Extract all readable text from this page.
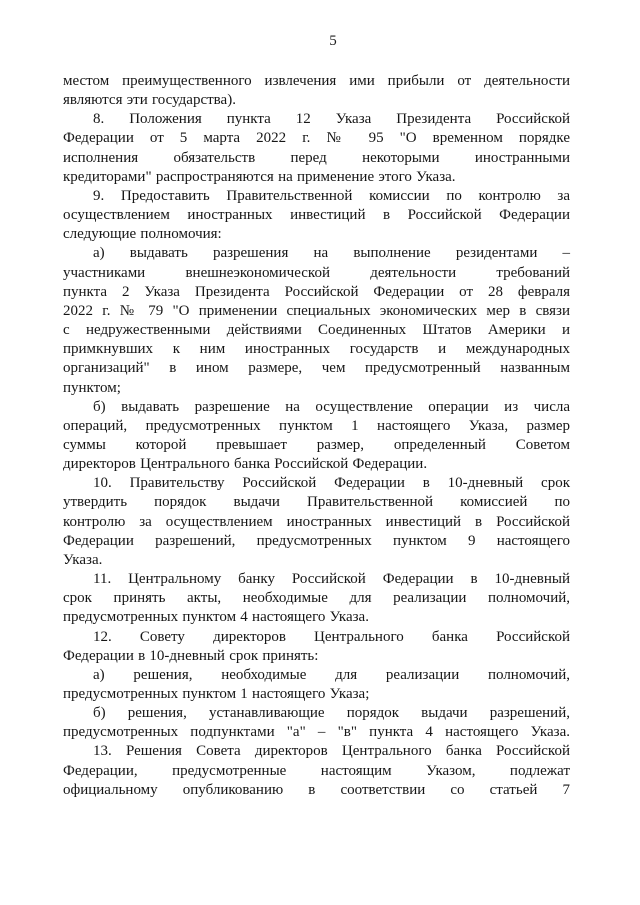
5
местом преимущественного извлечения ими прибыли от деятельности
являются эти государства).
8. Положения пункта 12 Указа Президента Российской
Федерации от 5 марта 2022 г. № 95 "О временном порядке
исполнения обязательств перед некоторыми иностранными
кредиторами" распространяются на применение этого Указа.
9. Предоставить Правительственной комиссии по контролю за
осуществлением иностранных инвестиций в Российской Федерации
следующие полномочия:
а) выдавать разрешения на выполнение резидентами –
участниками внешнеэкономической деятельности требований
пункта 2 Указа Президента Российской Федерации от 28 февраля
2022 г. № 79 "О применении специальных экономических мер в связи
с недружественными действиями Соединенных Штатов Америки и
примкнувших к ним иностранных государств и международных
организаций" в ином размере, чем предусмотренный названным
пунктом;
б) выдавать разрешение на осуществление операции из числа
операций, предусмотренных пунктом 1 настоящего Указа, размер
суммы которой превышает размер, определенный Советом
директоров Центрального банка Российской Федерации.
10. Правительству Российской Федерации в 10-дневный срок
утвердить порядок выдачи Правительственной комиссией по
контролю за осуществлением иностранных инвестиций в Российской
Федерации разрешений, предусмотренных пунктом 9 настоящего
Указа.
11. Центральному банку Российской Федерации в 10-дневный
срок принять акты, необходимые для реализации полномочий,
предусмотренных пунктом 4 настоящего Указа.
12. Совету директоров Центрального банка Российской
Федерации в 10-дневный срок принять:
а) решения, необходимые для реализации полномочий,
предусмотренных пунктом 1 настоящего Указа;
б) решения, устанавливающие порядок выдачи разрешений,
предусмотренных подпунктами "а" – "в" пункта 4 настоящего Указа.
13. Решения Совета директоров Центрального банка Российской
Федерации, предусмотренные настоящим Указом, подлежат
официальному опубликованию в соответствии со статьей 7
